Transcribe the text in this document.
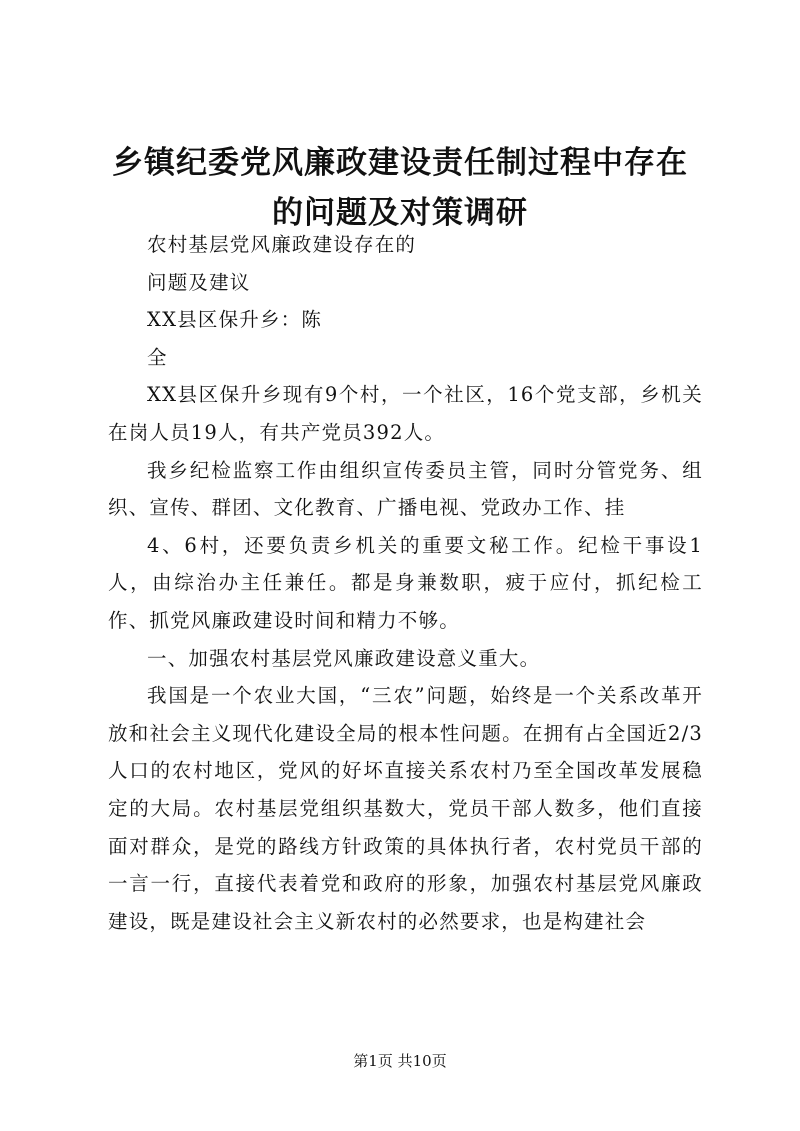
乡镇纪委党风廉政建设责任制过程中存在的问题及对策调研

农村基层党风廉政建设存在的

问题及建议

XX县区保升乡：陈

全

XX县区保升乡现有9个村，一个社区，16个党支部，乡机关在岗人员19人，有共产党员392人。

我乡纪检监察工作由组织宣传委员主管，同时分管党务、组织、宣传、群团、文化教育、广播电视、党政办工作、挂

4、6村，还要负责乡机关的重要文秘工作。纪检干事设1人，由综治办主任兼任。都是身兼数职，疲于应付，抓纪检工作、抓党风廉政建设时间和精力不够。

一、加强农村基层党风廉政建设意义重大。

我国是一个农业大国，“三农”问题，始终是一个关系改革开放和社会主义现代化建设全局的根本性问题。在拥有占全国近2/3人口的农村地区，党风的好坏直接关系农村乃至全国改革发展稳定的大局。农村基层党组织基数大，党员干部人数多，他们直接面对群众，是党的路线方针政策的具体执行者，农村党员干部的一言一行，直接代表着党和政府的形象，加强农村基层党风廉政建设，既是建设社会主义新农村的必然要求，也是构建社会

第1页 共10页
